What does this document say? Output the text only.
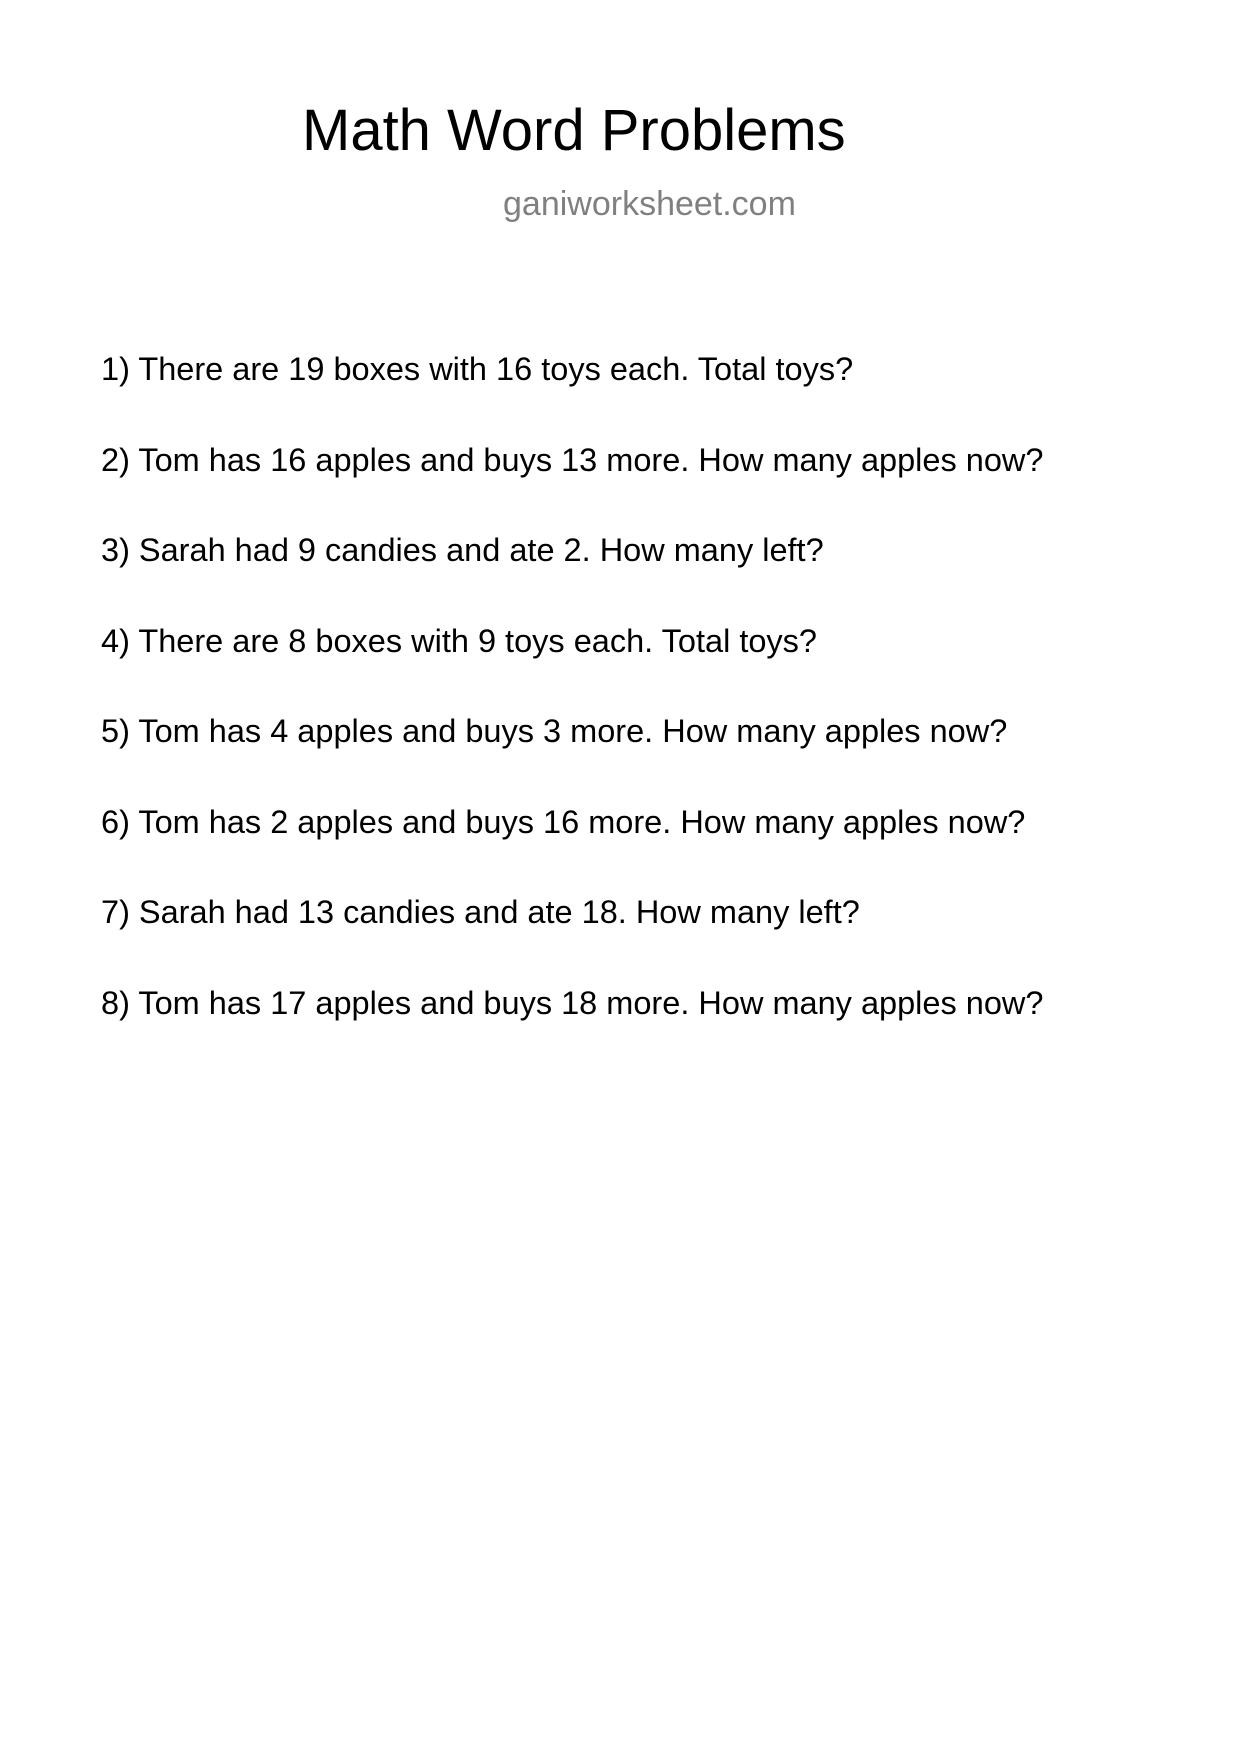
Math Word Problems
ganiworksheet.com
1) There are 19 boxes with 16 toys each. Total toys?
2) Tom has 16 apples and buys 13 more. How many apples now?
3) Sarah had 9 candies and ate 2. How many left?
4) There are 8 boxes with 9 toys each. Total toys?
5) Tom has 4 apples and buys 3 more. How many apples now?
6) Tom has 2 apples and buys 16 more. How many apples now?
7) Sarah had 13 candies and ate 18. How many left?
8) Tom has 17 apples and buys 18 more. How many apples now?
